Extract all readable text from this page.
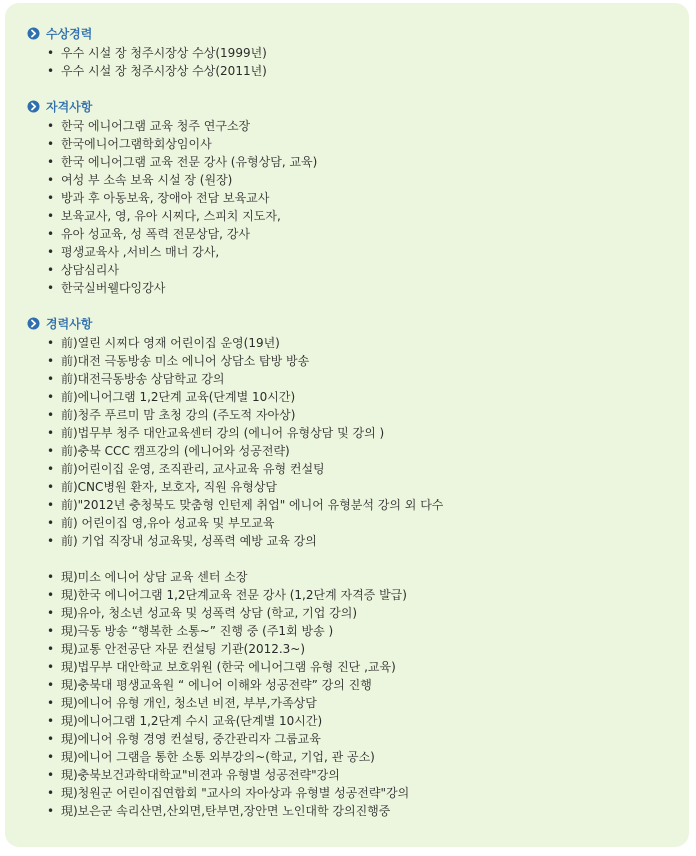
수상경력
• 우수 시설 장 청주시장상 수상(1999년)
• 우수 시설 장 청주시장상 수상(2011년)
자격사항
• 한국 에니어그램 교육 청주 연구소장
• 한국에니어그램학회상임이사
• 한국 에니어그램 교육 전문 강사 (유형상담, 교육)
• 여성 부 소속 보육 시설 장 (원장)
• 방과 후 아동보육, 장애아 전담 보육교사
• 보육교사, 영, 유아 시찌다, 스피치 지도자,
• 유아 성교육, 성 폭력 전문상담, 강사
• 평생교육사 ,서비스 매너 강사,
• 상담심리사
• 한국실버웰다잉강사
경력사항
• 前)열린 시찌다 영재 어린이집 운영(19년)
• 前)대전 극동방송 미소 에니어 상담소 탐방 방송
• 前)대전극동방송 상담학교 강의
• 前)에니어그램 1,2단계 교육(단계별 10시간)
• 前)청주 푸르미 맘 초청 강의 (주도적 자아상)
• 前)법무부 청주 대안교육센터 강의 (에니어 유형상담 및 강의 )
• 前)충북 CCC 캠프강의 (에니어와 성공전략)
• 前)어린이집 운영, 조직관리, 교사교육 유형 컨설팅
• 前)CNC병원 환자, 보호자, 직원 유형상담
• 前)"2012년 충청북도 맞춤형 인턴제 취업" 에니어 유형분석 강의 외 다수
• 前) 어린이집 영,유아 성교육 및 부모교육
• 前) 기업 직장내 성교육및, 성폭력 예방 교육 강의
• 現)미소 에니어 상담 교육 센터 소장
• 現)한국 에니어그램 1,2단계교육 전문 강사 (1,2단계 자격증 발급)
• 現)유아, 청소년 성교육 및 성폭력 상담 (학교, 기업 강의)
• 現)극동 방송 “행복한 소통~” 진행 중 (주1회 방송 )
• 現)교통 안전공단 자문 컨설팅 기관(2012.3~)
• 現)법무부 대안학교 보호위원 (한국 에니어그램 유형 진단 ,교육)
• 現)충북대 평생교육원 “ 에니어 이해와 성공전략” 강의 진행
• 現)에니어 유형 개인, 청소년 비젼, 부부,가족상담
• 現)에니어그램 1,2단계 수시 교육(단계별 10시간)
• 現)에니어 유형 경영 컨설팅, 중간관리자 그룹교육
• 現)에니어 그램을 통한 소통 외부강의~(학교, 기업, 관 공소)
• 現)충북보건과학대학교"비젼과 유형별 성공전략"강의
• 現)청원군 어린이집연합회 "교사의 자아상과 유형별 성공전략"강의
• 現)보은군 속리산면,산외면,탄부면,장안면 노인대학 강의진행중
